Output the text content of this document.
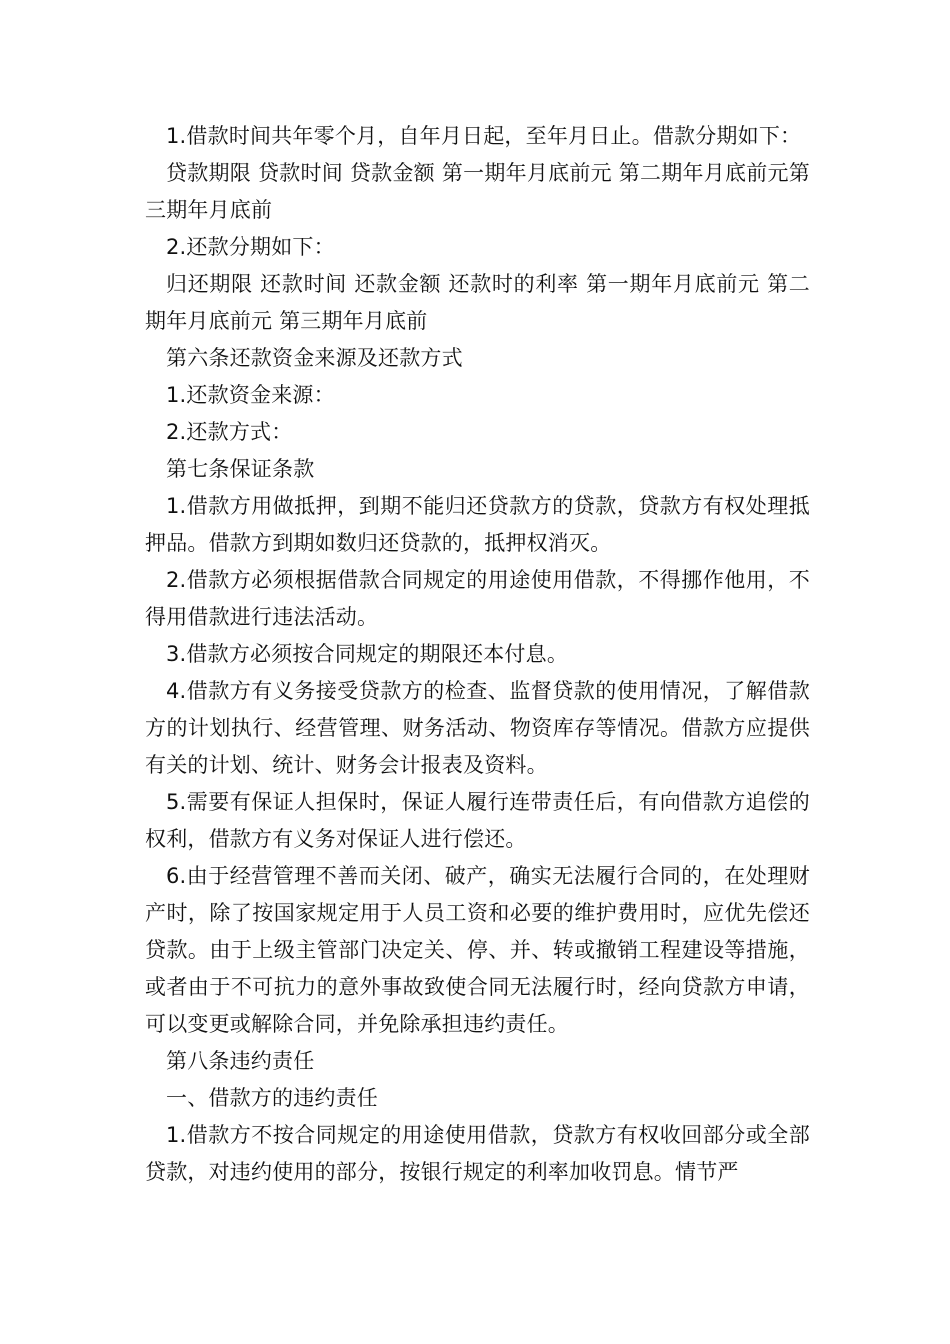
1.借款时间共年零个月，自年月日起，至年月日止。借款分期如下：

贷款期限 贷款时间 贷款金额 第一期年月底前元 第二期年月底前元第三期年月底前

2.还款分期如下：

归还期限 还款时间 还款金额 还款时的利率 第一期年月底前元 第二期年月底前元 第三期年月底前

第六条还款资金来源及还款方式

1.还款资金来源：

2.还款方式：

第七条保证条款

1.借款方用做抵押，到期不能归还贷款方的贷款，贷款方有权处理抵押品。借款方到期如数归还贷款的，抵押权消灭。

2.借款方必须根据借款合同规定的用途使用借款，不得挪作他用，不得用借款进行违法活动。

3.借款方必须按合同规定的期限还本付息。

4.借款方有义务接受贷款方的检查、监督贷款的使用情况，了解借款方的计划执行、经营管理、财务活动、物资库存等情况。借款方应提供有关的计划、统计、财务会计报表及资料。

5.需要有保证人担保时，保证人履行连带责任后，有向借款方追偿的权利，借款方有义务对保证人进行偿还。

6.由于经营管理不善而关闭、破产，确实无法履行合同的，在处理财产时，除了按国家规定用于人员工资和必要的维护费用时，应优先偿还贷款。由于上级主管部门决定关、停、并、转或撤销工程建设等措施，或者由于不可抗力的意外事故致使合同无法履行时，经向贷款方申请，可以变更或解除合同，并免除承担违约责任。

第八条违约责任

一、借款方的违约责任

1.借款方不按合同规定的用途使用借款，贷款方有权收回部分或全部贷款，对违约使用的部分，按银行规定的利率加收罚息。情节严
